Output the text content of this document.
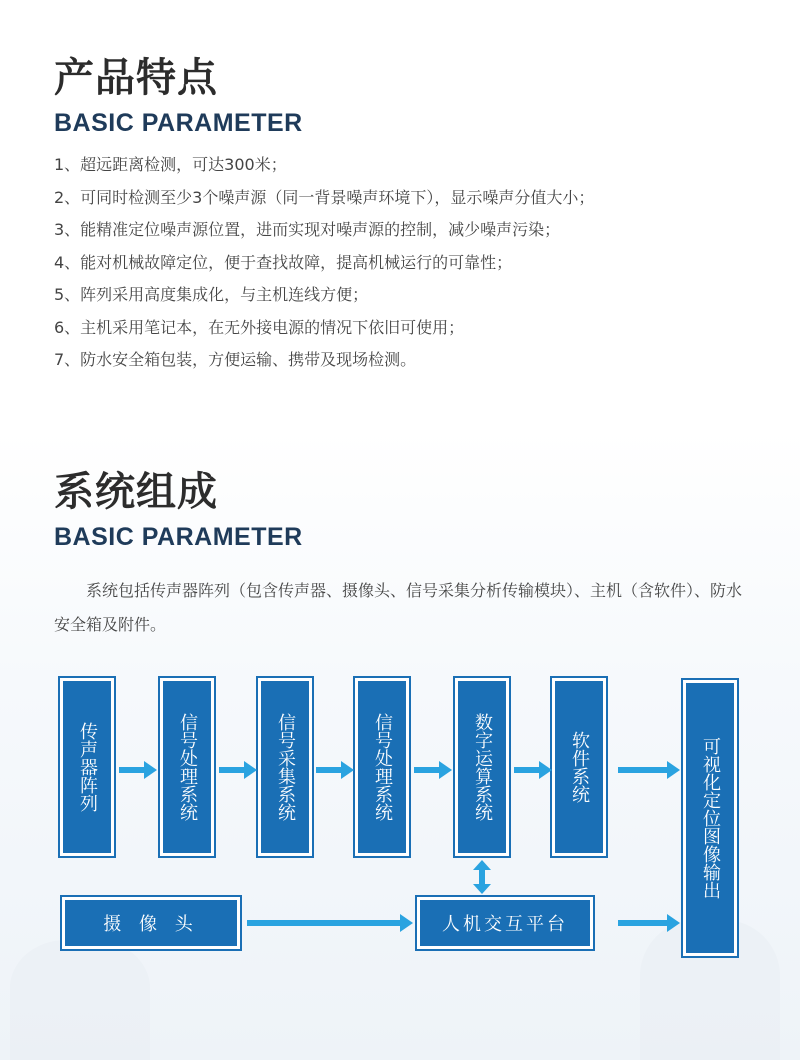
产品特点
BASIC PARAMETER
1、超远距离检测，可达300米；
2、可同时检测至少3个噪声源（同一背景噪声环境下），显示噪声分值大小；
3、能精准定位噪声源位置，进而实现对噪声源的控制，减少噪声污染；
4、能对机械故障定位，便于查找故障，提高机械运行的可靠性；
5、阵列采用高度集成化，与主机连线方便；
6、主机采用笔记本，在无外接电源的情况下依旧可使用；
7、防水安全箱包装，方便运输、携带及现场检测。
系统组成
BASIC PARAMETER
系统包括传声器阵列（包含传声器、摄像头、信号采集分析传输模块）、主机（含软件）、防水安全箱及附件。
传声器阵列	信号处理系统	信号采集系统	信号处理系统	数字运算系统	软件系统	可视化定位图像输出
摄 像 头	人机交互平台
